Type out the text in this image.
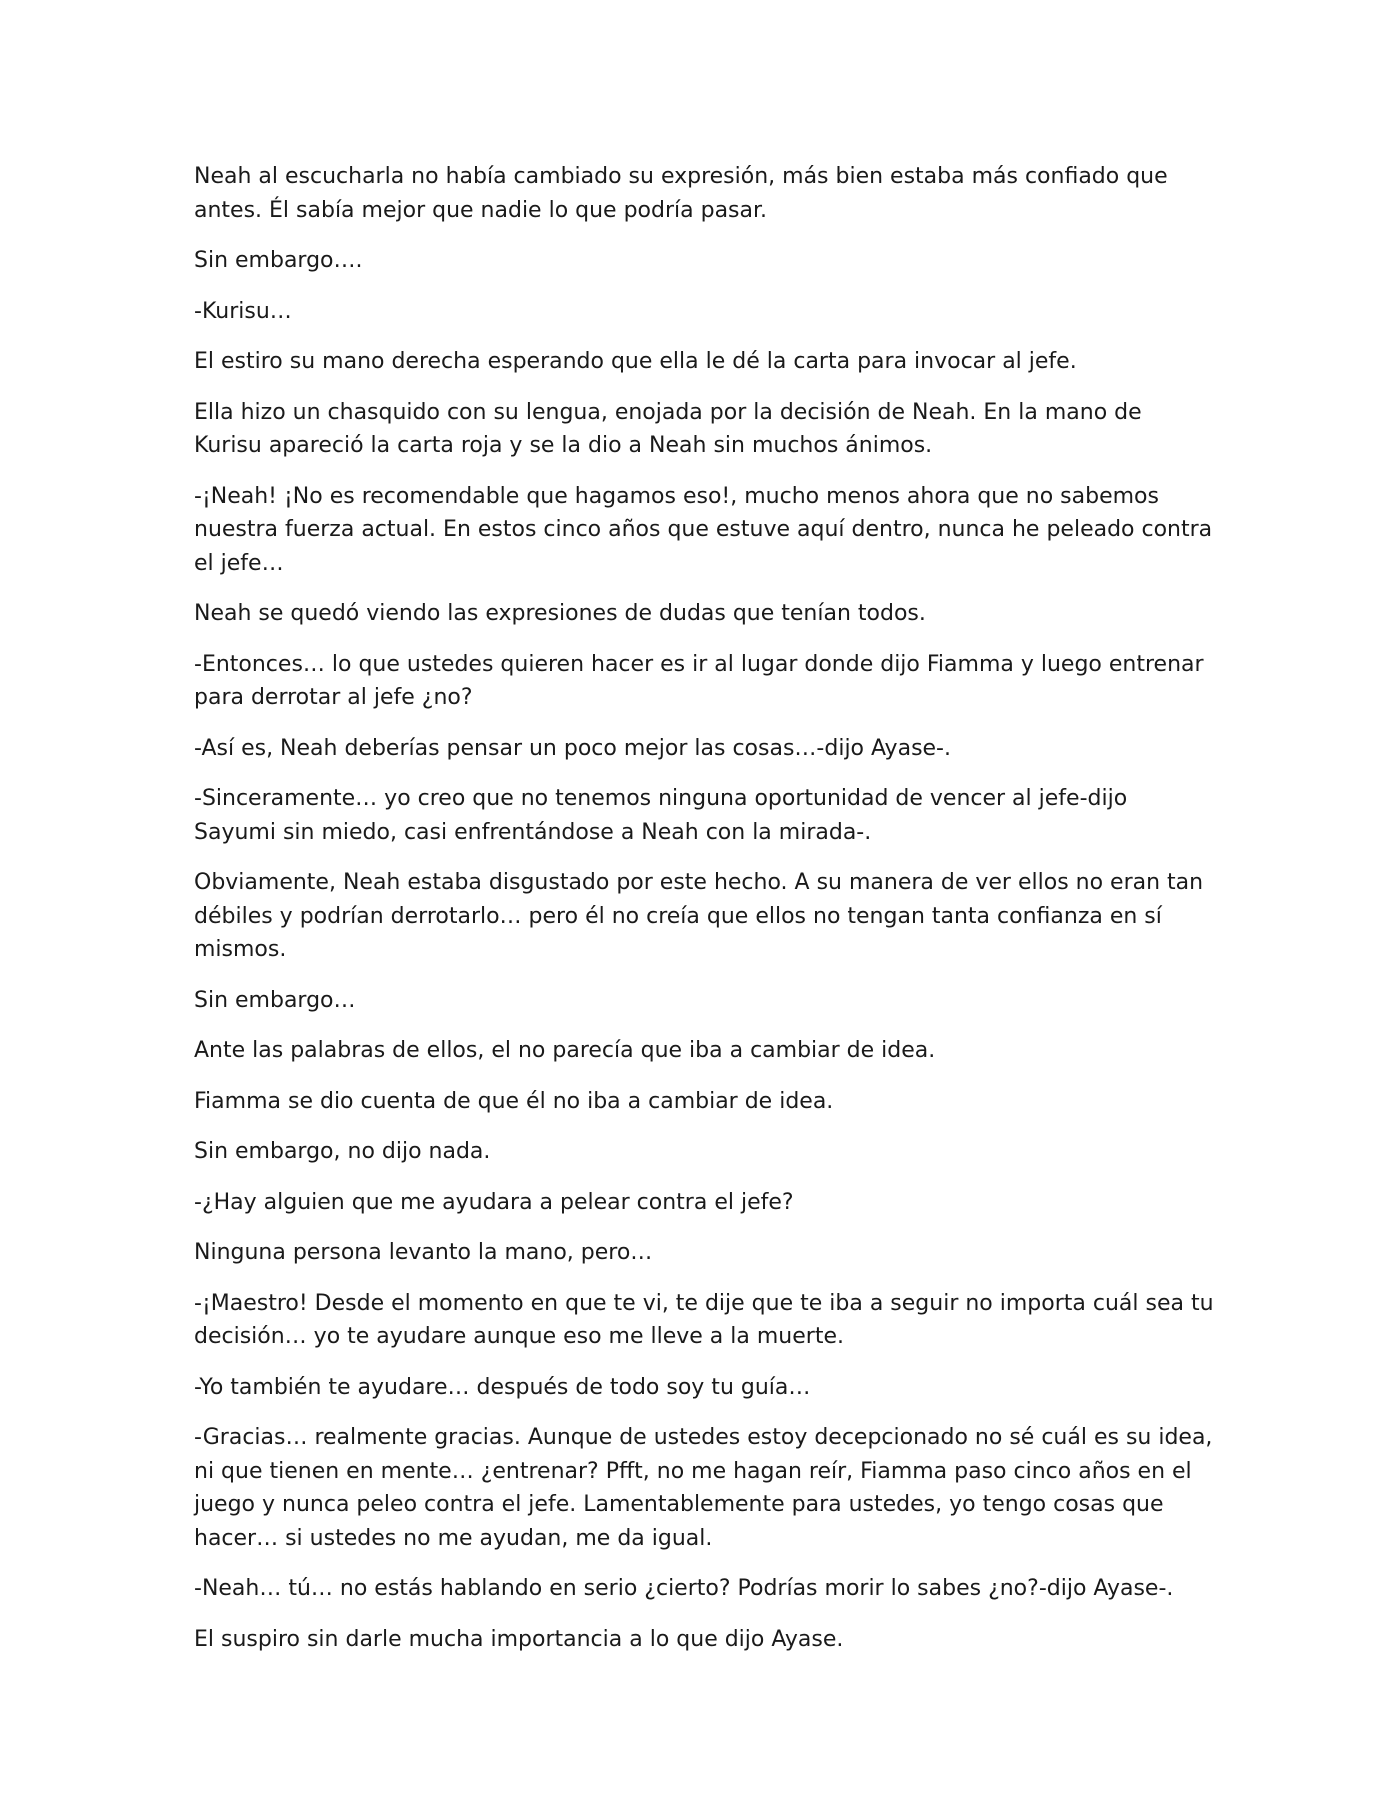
Neah al escucharla no había cambiado su expresión, más bien estaba más confiado que antes. Él sabía mejor que nadie lo que podría pasar.

Sin embargo….

-Kurisu…

El estiro su mano derecha esperando que ella le dé la carta para invocar al jefe.

Ella hizo un chasquido con su lengua, enojada por la decisión de Neah. En la mano de Kurisu apareció la carta roja y se la dio a Neah sin muchos ánimos.

-¡Neah! ¡No es recomendable que hagamos eso!, mucho menos ahora que no sabemos nuestra fuerza actual. En estos cinco años que estuve aquí dentro, nunca he peleado contra el jefe…

Neah se quedó viendo las expresiones de dudas que tenían todos.

-Entonces… lo que ustedes quieren hacer es ir al lugar donde dijo Fiamma y luego entrenar para derrotar al jefe ¿no?

-Así es, Neah deberías pensar un poco mejor las cosas…-dijo Ayase-.

-Sinceramente… yo creo que no tenemos ninguna oportunidad de vencer al jefe-dijo Sayumi sin miedo, casi enfrentándose a Neah con la mirada-.

Obviamente, Neah estaba disgustado por este hecho. A su manera de ver ellos no eran tan débiles y podrían derrotarlo… pero él no creía que ellos no tengan tanta confianza en sí mismos.

Sin embargo…

Ante las palabras de ellos, el no parecía que iba a cambiar de idea.

Fiamma se dio cuenta de que él no iba a cambiar de idea.

Sin embargo, no dijo nada.

-¿Hay alguien que me ayudara a pelear contra el jefe?

Ninguna persona levanto la mano, pero…

-¡Maestro! Desde el momento en que te vi, te dije que te iba a seguir no importa cuál sea tu decisión… yo te ayudare aunque eso me lleve a la muerte.

-Yo también te ayudare… después de todo soy tu guía…

-Gracias… realmente gracias. Aunque de ustedes estoy decepcionado no sé cuál es su idea, ni que tienen en mente… ¿entrenar? Pfft, no me hagan reír, Fiamma paso cinco años en el juego y nunca peleo contra el jefe. Lamentablemente para ustedes, yo tengo cosas que hacer… si ustedes no me ayudan, me da igual.

-Neah… tú… no estás hablando en serio ¿cierto? Podrías morir lo sabes ¿no?-dijo Ayase-.

El suspiro sin darle mucha importancia a lo que dijo Ayase.
